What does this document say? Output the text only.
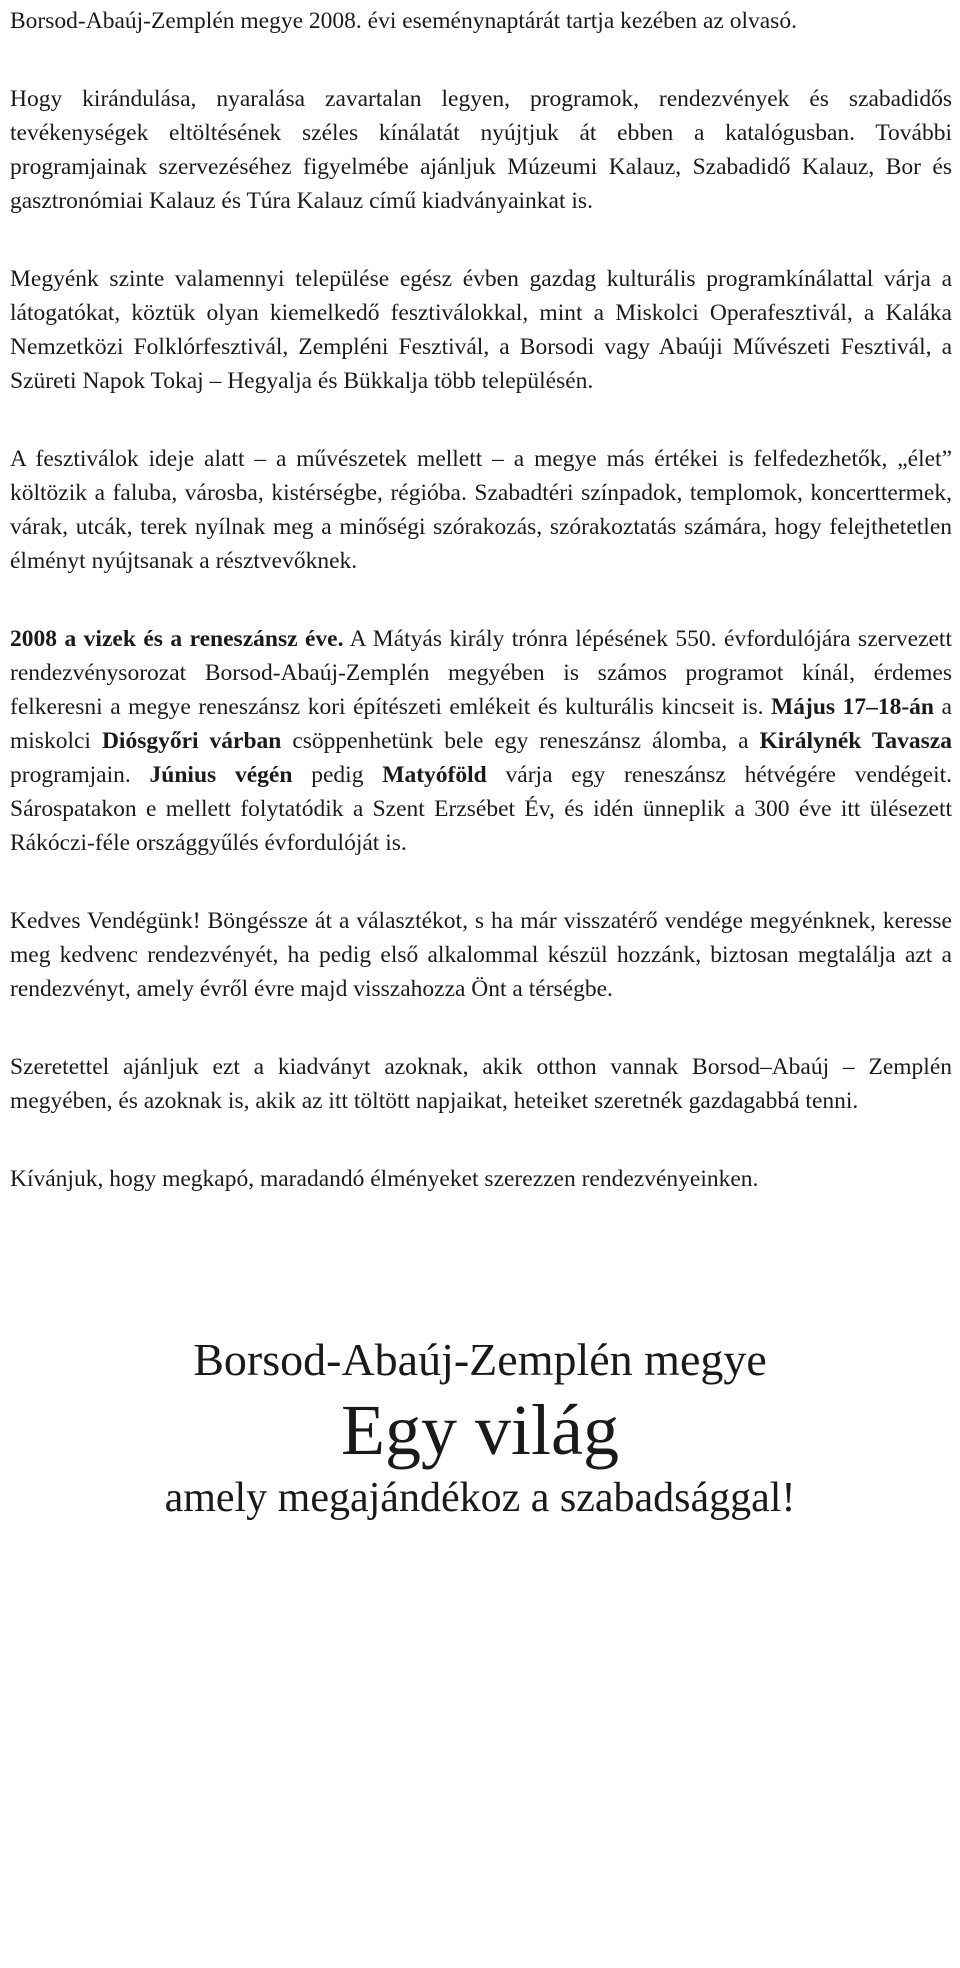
Borsod-Abaúj-Zemplén megye 2008. évi eseménynaptárát tartja kezében az olvasó.

Hogy kirándulása, nyaralása zavartalan legyen, programok, rendezvények és szabadidős tevékenységek eltöltésének széles kínálatát nyújtjuk át ebben a katalógusban. További programjainak szervezéséhez figyelmébe ajánljuk Múzeumi Kalauz, Szabadidő Kalauz, Bor és gasztronómiai Kalauz és Túra Kalauz című kiadványainkat is.

Megyénk szinte valamennyi települése egész évben gazdag kulturális programkínálattal várja a látogatókat, köztük olyan kiemelkedő fesztiválokkal, mint a Miskolci Operafesztivál, a Kaláka Nemzetközi Folklórfesztivál, Zempléni Fesztivál, a Borsodi vagy Abaúji Művészeti Fesztivál, a Szüreti Napok Tokaj – Hegyalja és Bükkalja több településén.

A fesztiválok ideje alatt – a művészetek mellett – a megye más értékei is felfedezhetők, „élet” költözik a faluba, városba, kistérségbe, régióba. Szabadtéri színpadok, templomok, koncerttermek, várak, utcák, terek nyílnak meg a minőségi szórakozás, szórakoztatás számára, hogy felejthetetlen élményt nyújtsanak a résztvevőknek.

2008 a vizek és a reneszánsz éve. A Mátyás király trónra lépésének 550. évfordulójára szervezett rendezvénysorozat Borsod-Abaúj-Zemplén megyében is számos programot kínál, érdemes felkeresni a megye reneszánsz kori építészeti emlékeit és kulturális kincseit is. Május 17–18-án a miskolci Diósgyőri várban csöppenhetünk bele egy reneszánsz álomba, a Királynék Tavasza programjain. Június végén pedig Matyóföld várja egy reneszánsz hétvégére vendégeit. Sárospatakon e mellett folytatódik a Szent Erzsébet Év, és idén ünneplik a 300 éve itt ülésezett Rákóczi-féle országgyűlés évfordulóját is.

Kedves Vendégünk! Böngéssze át a választékot, s ha már visszatérő vendége megyénknek, keresse meg kedvenc rendezvényét, ha pedig első alkalommal készül hozzánk, biztosan megtalálja azt a rendezvényt, amely évről évre majd visszahozza Önt a térségbe.

Szeretettel ajánljuk ezt a kiadványt azoknak, akik otthon vannak Borsod–Abaúj – Zemplén megyében, és azoknak is, akik az itt töltött napjaikat, heteiket szeretnék gazdagabbá tenni.

Kívánjuk, hogy megkapó, maradandó élményeket szerezzen rendezvényeinken.

Borsod-Abaúj-Zemplén megye

Egy világ

amely megajándékoz a szabadsággal!
